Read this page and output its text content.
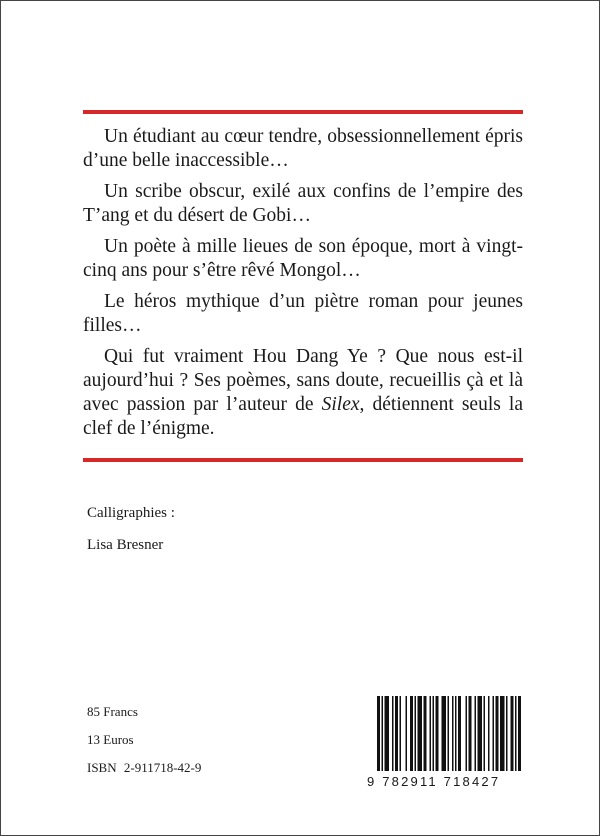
Un étudiant au cœur tendre, obsessionnellement épris d’une belle inaccessible…

Un scribe obscur, exilé aux confins de l’empire des T’ang et du désert de Gobi…

Un poète à mille lieues de son époque, mort à vingt-cinq ans pour s’être rêvé Mongol…

Le héros mythique d’un piètre roman pour jeunes filles…

Qui fut vraiment Hou Dang Ye ? Que nous est-il aujourd’hui ? Ses poèmes, sans doute, recueillis çà et là avec passion par l’auteur de Silex, détiennent seuls la clef de l’énigme.

Calligraphies :
Lisa Bresner
85 Francs
13 Euros
ISBN 2-911718-42-9
9 782911 718427
